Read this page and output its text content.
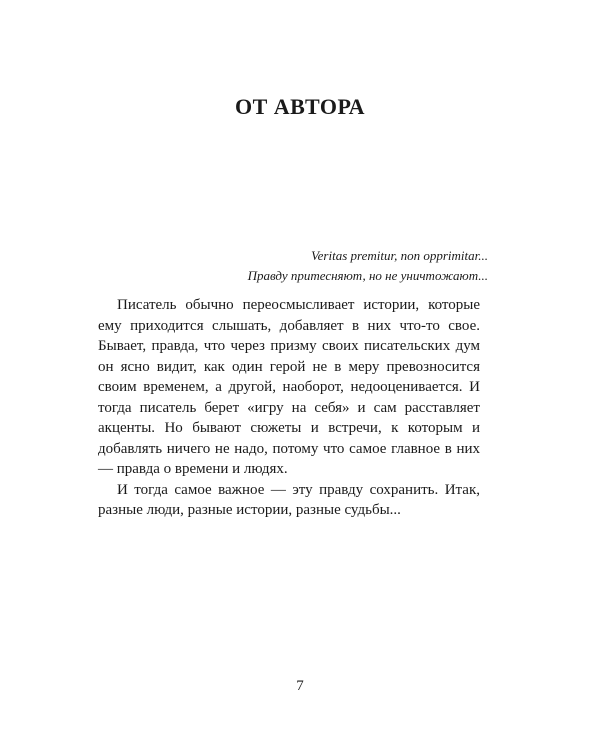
ОТ АВТОРА

Veritas premitur, non opprimitar...

Правду притесняют, но не уничтожают...

Писатель обычно переосмысливает истории, которые ему приходится слышать, добавляет в них что-то свое. Бывает, правда, что через призму своих писательских дум он ясно видит, как один герой не в меру превозносится своим временем, а другой, наоборот, недооценивается. И тогда писатель берет «игру на себя» и сам расставляет акценты. Но бывают сюжеты и встречи, к которым и добавлять ничего не надо, потому что самое главное в них — правда о времени и людях.

И тогда самое важное — эту правду сохранить. Итак, разные люди, разные истории, разные судьбы...

7
